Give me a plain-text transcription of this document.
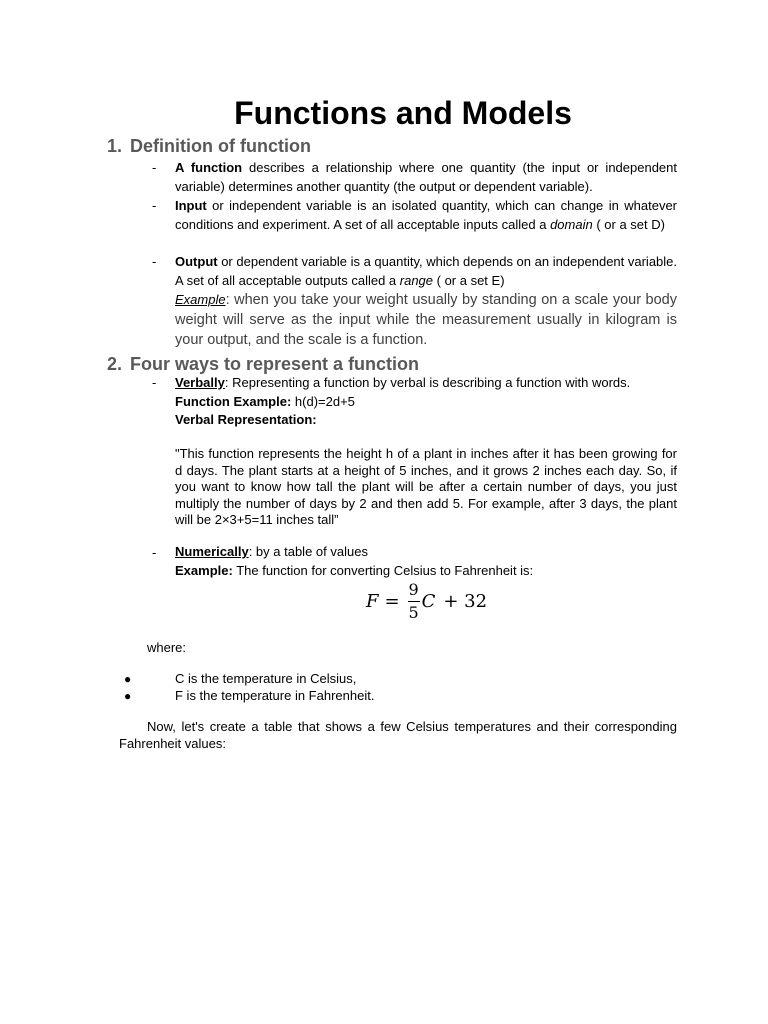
Functions and Models
1. Definition of function
- A function describes a relationship where one quantity (the input or independent variable) determines another quantity (the output or dependent variable).
- Input or independent variable is an isolated quantity, which can change in whatever conditions and experiment. A set of all acceptable inputs called a domain ( or a set D)
- Output or dependent variable is a quantity, which depends on an independent variable. A set of all acceptable outputs called a range ( or a set E)
Example: when you take your weight usually by standing on a scale your body weight will serve as the input while the measurement usually in kilogram is your output, and the scale is a function.
2. Four ways to represent a function
- Verbally: Representing a function by verbal is describing a function with words.
Function Example: h(d)=2d+5
Verbal Representation:
"This function represents the height h of a plant in inches after it has been growing for d days. The plant starts at a height of 5 inches, and it grows 2 inches each day. So, if you want to know how tall the plant will be after a certain number of days, you just multiply the number of days by 2 and then add 5. For example, after 3 days, the plant will be 2×3+5=11 inches tall”
- Numerically: by a table of values
Example: The function for converting Celsius to Fahrenheit is:
$F = \frac{9}{5}$ C + 32
where:
●	C is the temperature in Celsius,
●	F is the temperature in Fahrenheit.
Now, let's create a table that shows a few Celsius temperatures and their corresponding Fahrenheit values:
